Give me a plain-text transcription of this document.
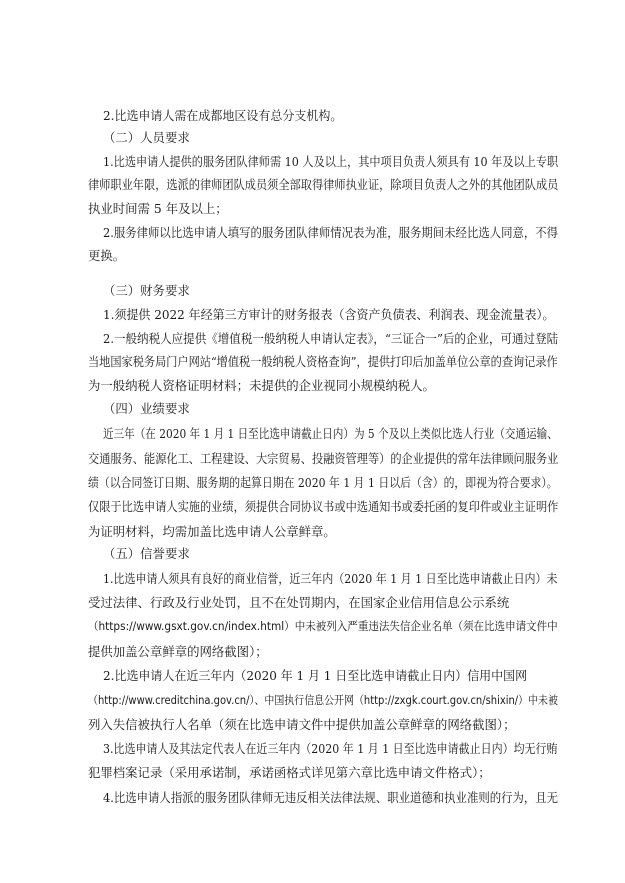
2.比选申请人需在成都地区设有总分支机构。
（二）人员要求
1.比选申请人提供的服务团队律师需 10 人及以上，其中项目负责人须具有 10 年及以上专职
律师职业年限，选派的律师团队成员须全部取得律师执业证，除项目负责人之外的其他团队成员
执业时间需 5 年及以上；
2.服务律师以比选申请人填写的服务团队律师情况表为准，服务期间未经比选人同意，不得
更换。
（三）财务要求
1.须提供 2022 年经第三方审计的财务报表（含资产负债表、利润表、现金流量表）。
2.一般纳税人应提供《增值税一般纳税人申请认定表》，“三证合一”后的企业，可通过登陆
当地国家税务局门户网站“增值税一般纳税人资格查询”，提供打印后加盖单位公章的查询记录作
为一般纳税人资格证明材料；未提供的企业视同小规模纳税人。
（四）业绩要求
近三年（在 2020 年 1 月 1 日至比选申请截止日内）为 5 个及以上类似比选人行业（交通运输、
交通服务、能源化工、工程建设、大宗贸易、投融资管理等）的企业提供的常年法律顾问服务业
绩（以合同签订日期、服务期的起算日期在 2020 年 1 月 1 日以后（含）的，即视为符合要求）。
仅限于比选申请人实施的业绩，须提供合同协议书或中选通知书或委托函的复印件或业主证明作
为证明材料，均需加盖比选申请人公章鲜章。
（五）信誉要求
1.比选申请人须具有良好的商业信誉，近三年内（2020 年 1 月 1 日至比选申请截止日内）未
受过法律、行政及行业处罚，且不在处罚期内，在国家企业信用信息公示系统
（https://www.gsxt.gov.cn/index.html）中未被列入严重违法失信企业名单（须在比选申请文件中
提供加盖公章鲜章的网络截图）；
2.比选申请人在近三年内（2020 年 1 月 1 日至比选申请截止日内）信用中国网
（http://www.creditchina.gov.cn/）、中国执行信息公开网（http://zxgk.court.gov.cn/shixin/）中未被
列入失信被执行人名单（须在比选申请文件中提供加盖公章鲜章的网络截图）；
3.比选申请人及其法定代表人在近三年内（2020 年 1 月 1 日至比选申请截止日内）均无行贿
犯罪档案记录（采用承诺制，承诺函格式详见第六章比选申请文件格式）；
4.比选申请人指派的服务团队律师无违反相关法律法规、职业道德和执业准则的行为，且无
